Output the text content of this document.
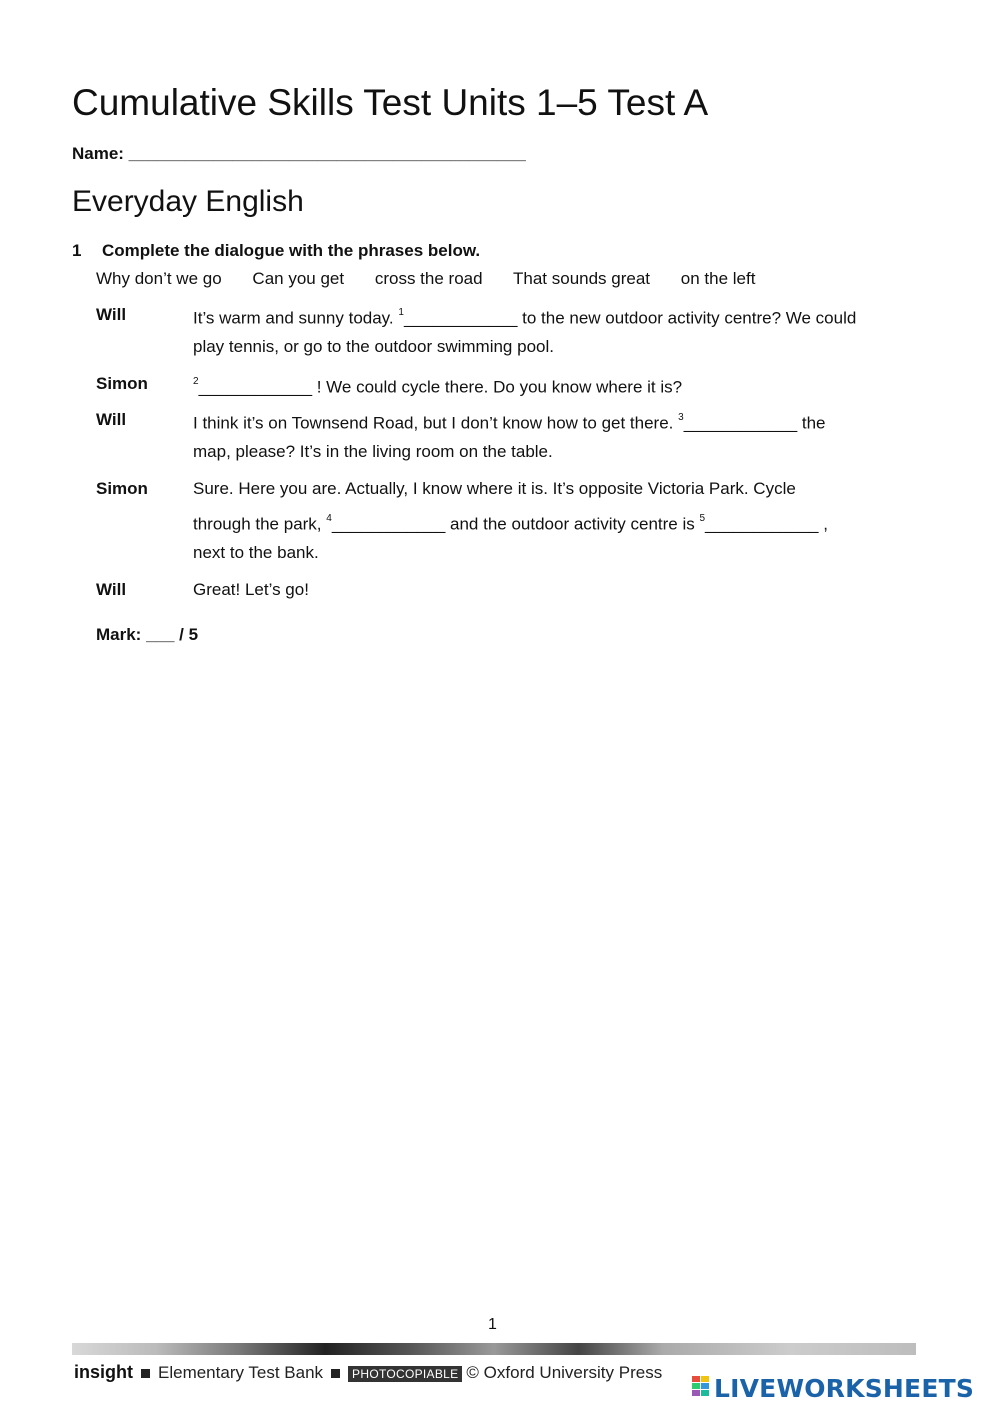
Cumulative Skills Test Units 1–5 Test A
Name: __________________________________________
Everyday English
1 Complete the dialogue with the phrases below.
Why don’t we go Can you get cross the road That sounds great on the left
Will	It’s warm and sunny today. $^1$____________ to the new outdoor activity centre? We could
play tennis, or go to the outdoor swimming pool.
Simon	$^2$____________ ! We could cycle there. Do you know where it is?
Will	I think it’s on Townsend Road, but I don’t know how to get there. $^3$____________ the
map, please? It’s in the living room on the table.
Simon	Sure. Here you are. Actually, I know where it is. It’s opposite Victoria Park. Cycle
through the park, $^4$____________ and the outdoor activity centre is $^5$____________ ,
next to the bank.
Will	Great! Let’s go!
Mark: ___ / 5
1
insight Elementary Test Bank PHOTOCOPIABLE © Oxford University Press
LIVEWORKSHEETS
